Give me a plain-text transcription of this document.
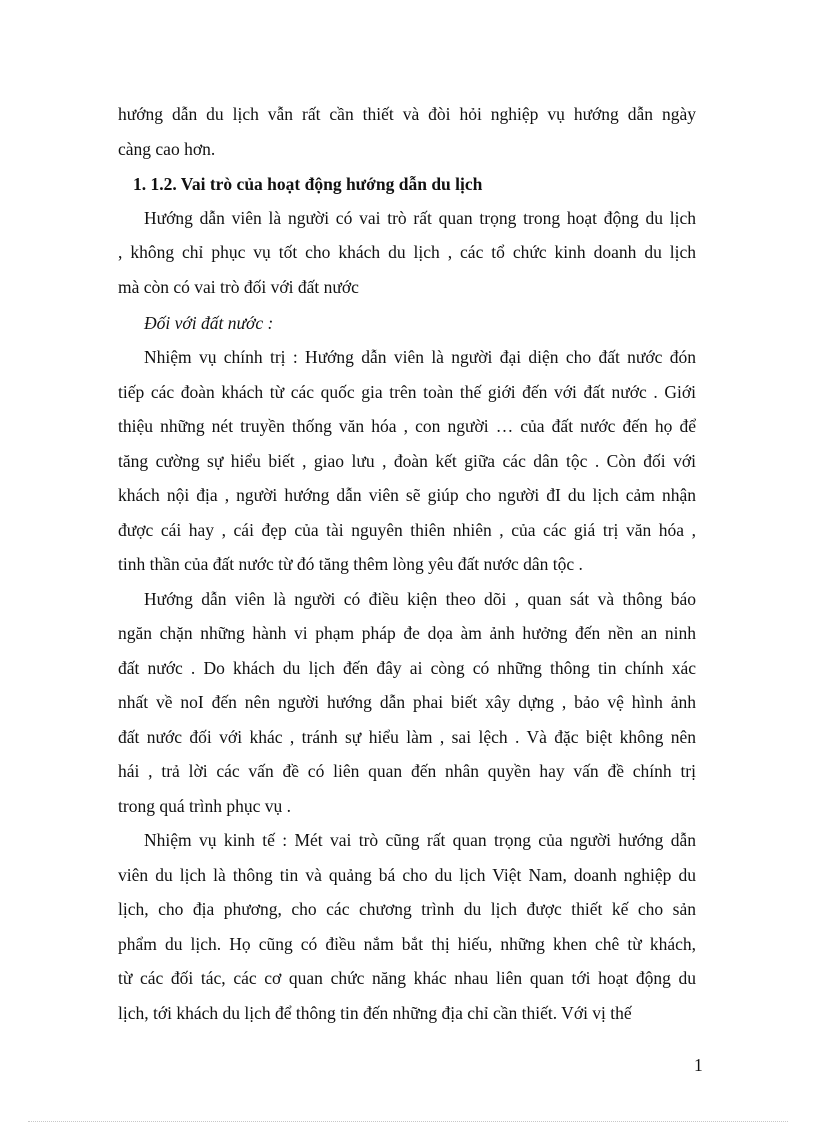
hướng dẫn du lịch vẫn rất cần thiết và đòi hỏi nghiệp vụ hướng dẫn ngày
càng cao hơn.
1. 1.2. Vai trò của hoạt động hướng dẫn du lịch
Hướng dẫn viên là người có vai trò rất quan trọng trong hoạt động du lịch
, không chỉ phục vụ tốt cho khách du lịch , các tổ chức kinh doanh du lịch
mà còn có vai trò đối với đất nước
Đối với đất nước :
Nhiệm vụ chính trị : Hướng dẫn viên là người đại diện cho đất nước đón
tiếp các đoàn khách từ các quốc gia trên toàn thế giới đến với đất nước . Giới
thiệu những nét truyền thống văn hóa , con người … của đất nước đến họ để
tăng cường sự hiểu biết , giao lưu , đoàn kết giữa các dân tộc . Còn đối với
khách nội địa , người hướng dẫn viên sẽ giúp cho người đI du lịch cảm nhận
được cái hay , cái đẹp của tài nguyên thiên nhiên , của các giá trị văn hóa ,
tinh thần của đất nước từ đó tăng thêm lòng yêu đất nước dân tộc .
Hướng dẫn viên là người có điều kiện theo dõi , quan sát và thông báo
ngăn chặn những hành vi phạm pháp đe dọa àm ảnh hưởng đến nền an ninh
đất nước . Do khách du lịch đến đây ai còng có những thông tin chính xác
nhất về noI đến nên người hướng dẫn phai biết xây dựng , bảo vệ hình ảnh
đất nước đối với khác , tránh sự hiểu làm , sai lệch . Và đặc biệt không nên
hái , trả lời các vấn đề có liên quan đến nhân quyền hay vấn đề chính trị
trong quá trình phục vụ .
Nhiệm vụ kinh tế : Mét vai trò cũng rất quan trọng của người hướng dẫn
viên du lịch là thông tin và quảng bá cho du lịch Việt Nam, doanh nghiệp du
lịch, cho địa phương, cho các chương trình du lịch được thiết kế cho sản
phẩm du lịch. Họ cũng có điều nắm bắt thị hiếu, những khen chê từ khách,
từ các đối tác, các cơ quan chức năng khác nhau liên quan tới hoạt động du
lịch, tới khách du lịch để thông tin đến những địa chỉ cần thiết. Với vị thế
1
